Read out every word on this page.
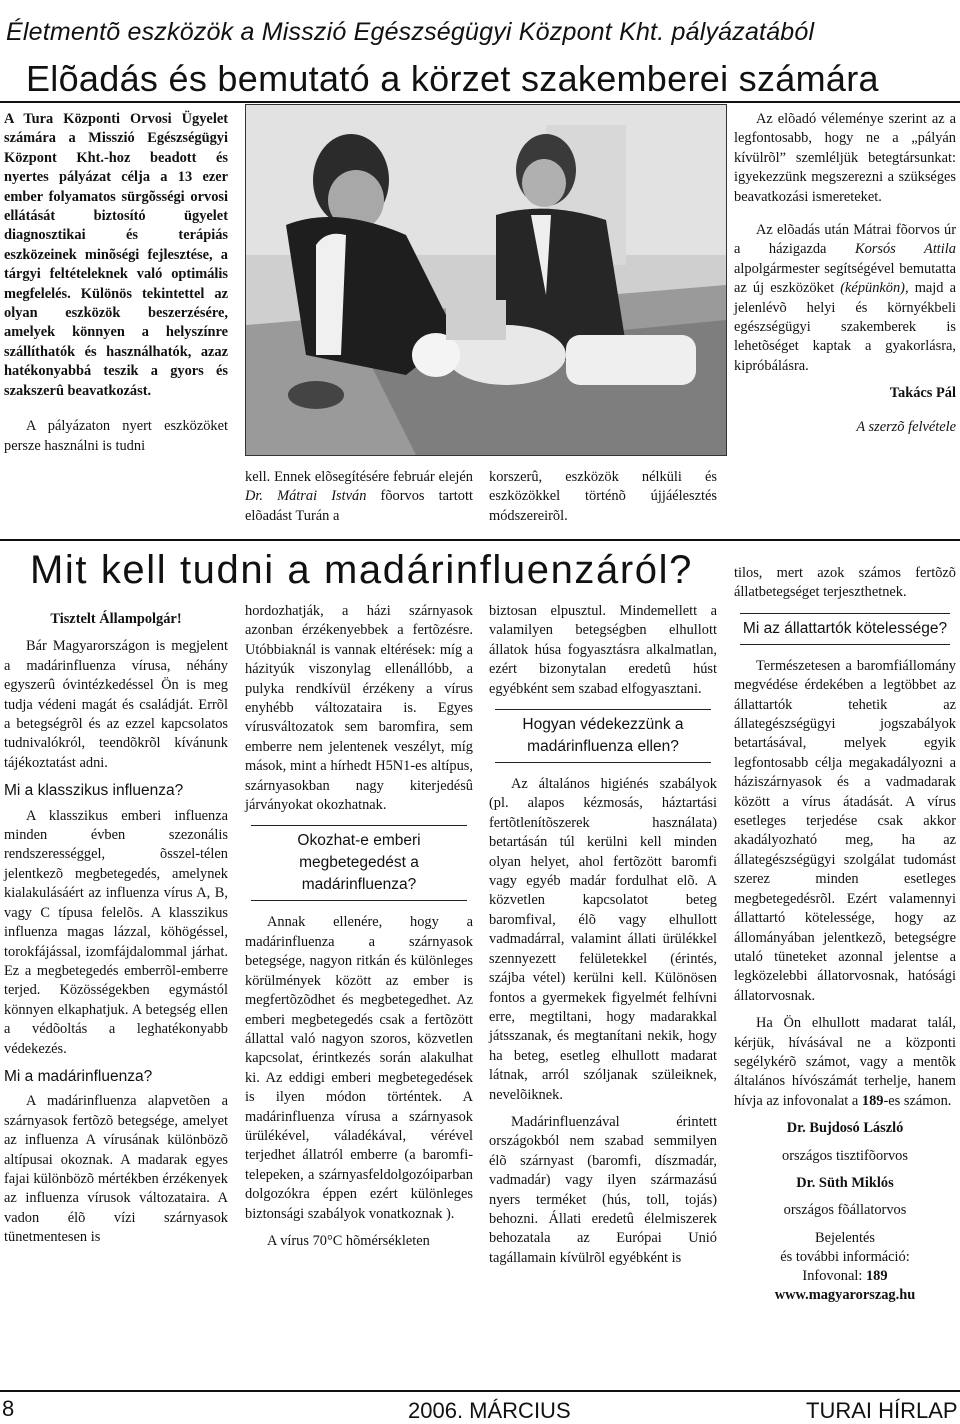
Életmentõ eszközök a Misszió Egészségügyi Központ Kht. pályázatából
Elõadás és bemutató a körzet szakemberei számára

A Tura Központi Orvosi Ügyelet számára a Misszió Egészségügyi Központ Kht.-hoz beadott és nyertes pályázat célja a 13 ezer ember folyamatos sürgõsségi orvosi ellátását biztosító ügyelet diagnosztikai és terápiás eszközeinek minõségi fejlesztése, a tárgyi feltételeknek való optimális megfelelés. Különös tekintettel az olyan eszközök beszerzésére, amelyek könnyen a helyszínre szállíthatók és használhatók, azaz hatékonyabbá teszik a gyors és szakszerû beavatkozást.

A pályázaton nyert eszközöket persze használni is tudni

kell. Ennek elõsegítésére február elején Dr. Mátrai István fõorvos tartott elõadást Turán a

korszerû, eszközök nélküli és eszközökkel történõ újjáélesztés módszereirõl.

Az elõadó véleménye szerint az a legfontosabb, hogy ne a „pályán kívülrõl” szemléljük betegtársunkat: igyekezzünk megszerezni a szükséges beavatkozási ismereteket.

Az elõadás után Mátrai fõorvos úr a házigazda Korsós Attila alpolgármester segítségével bemutatta az új eszközöket (képünkön), majd a jelenlévõ helyi és környékbeli egészségügyi szakemberek is lehetõséget kaptak a gyakorlásra, kipróbálásra.

Takács Pál

A szerzõ felvétele

Mit kell tudni a madárinfluenzáról?

Tisztelt Állampolgár!

Bár Magyarországon is megjelent a madárinfluenza vírusa, néhány egyszerû óvintézkedéssel Ön is meg tudja védeni magát és családját. Errõl a betegségrõl és az ezzel kapcsolatos tudnivalókról, teendõkrõl kívánunk tájékoztatást adni.

Mi a klasszikus influenza?

A klasszikus emberi influenza minden évben szezonális rendszerességgel, õsszel-télen jelentkezõ megbetegedés, amelynek kialakulásáért az influenza vírus A, B, vagy C típusa felelõs. A klasszikus influenza magas lázzal, köhögéssel, torokfájással, izomfájdalommal járhat. Ez a megbetegedés emberrõl-emberre terjed. Közösségekben egymástól könnyen elkaphatjuk. A betegség ellen a védõoltás a leghatékonyabb védekezés.

Mi a madárinfluenza?

A madárinfluenza alapvetõen a szárnyasok fertõzõ betegsége, amelyet az influenza A vírusának különbözõ altípusai okoznak. A madarak egyes fajai különbözõ mértékben érzékenyek az influenza vírusok változataira. A vadon élõ vízi szárnyasok tünetmentesen is

hordozhatják, a házi szárnyasok azonban érzékenyebbek a fertõzésre. Utóbbiaknál is vannak eltérések: míg a házityúk viszonylag ellenállóbb, a pulyka rendkívül érzékeny a vírus enyhébb változataira is. Egyes vírusváltozatok sem baromfira, sem emberre nem jelentenek veszélyt, míg mások, mint a hírhedt H5N1-es altípus, szárnyasokban nagy kiterjedésû járványokat okozhatnak.

Okozhat-e emberi megbetegedést a madárinfluenza?

Annak ellenére, hogy a madárinfluenza a szárnyasok betegsége, nagyon ritkán és különleges körülmények között az ember is megfertõzõdhet és megbetegedhet. Az emberi megbetegedés csak a fertõzött állattal való nagyon szoros, közvetlen kapcsolat, érintkezés során alakulhat ki. Az eddigi emberi megbetegedések is ilyen módon történtek. A madárinfluenza vírusa a szárnyasok ürülékével, váladékával, vérével terjedhet állatról emberre (a baromfi-telepeken, a szárnyasfeldolgozóiparban dolgozókra éppen ezért különleges biztonsági szabályok vonatkoznak ).

A vírus 70°C hõmérsékleten

biztosan elpusztul. Mindemellett a valamilyen betegségben elhullott állatok húsa fogyasztásra alkalmatlan, ezért bizonytalan eredetû húst egyébként sem szabad elfogyasztani.

Hogyan védekezzünk a madárinfluenza ellen?

Az általános higiénés szabályok (pl. alapos kézmosás, háztartási fertõtlenítõszerek használata) betartásán túl kerülni kell minden olyan helyet, ahol fertõzött baromfi vagy egyéb madár fordulhat elõ. A közvetlen kapcsolatot beteg baromfival, élõ vagy elhullott vadmadárral, valamint állati ürülékkel szennyezett felületekkel (érintés, szájba vétel) kerülni kell. Különösen fontos a gyermekek figyelmét felhívni erre, megtiltani, hogy madarakkal játsszanak, és megtanítani nekik, hogy ha beteg, esetleg elhullott madarat látnak, arról szóljanak szüleiknek, nevelõiknek.

Madárinfluenzával érintett országokból nem szabad semmilyen élõ szárnyast (baromfi, díszmadár, vadmadár) vagy ilyen származású nyers terméket (hús, toll, tojás) behozni. Állati eredetû élelmiszerek behozatala az Európai Unió tagállamain kívülrõl egyébként is

tilos, mert azok számos fertõzõ állatbetegséget terjeszthetnek.

Mi az állattartók kötelessége?

Természetesen a baromfiállomány megvédése érdekében a legtöbbet az állattartók tehetik az állategészségügyi jogszabályok betartásával, melyek egyik legfontosabb célja megakadályozni a háziszárnyasok és a vadmadarak között a vírus átadását. A vírus esetleges terjedése csak akkor akadályozható meg, ha az állategészségügyi szolgálat tudomást szerez minden esetleges megbetegedésrõl. Ezért valamennyi állattartó kötelessége, hogy az állományában jelentkezõ, betegségre utaló tüneteket azonnal jelentse a legközelebbi állatorvosnak, hatósági állatorvosnak.

Ha Ön elhullott madarat talál, kérjük, hívásával ne a központi segélykérõ számot, vagy a mentõk általános hívószámát terhelje, hanem hívja az infovonalat a 189-es számon.

Dr. Bujdosó László

országos tisztifõorvos

Dr. Süth Miklós

országos fõállatorvos

Bejelentés
és további információ:
Infovonal: 189
www.magyarorszag.hu
8	2006. MÁRCIUS	TURAI HÍRLAP
